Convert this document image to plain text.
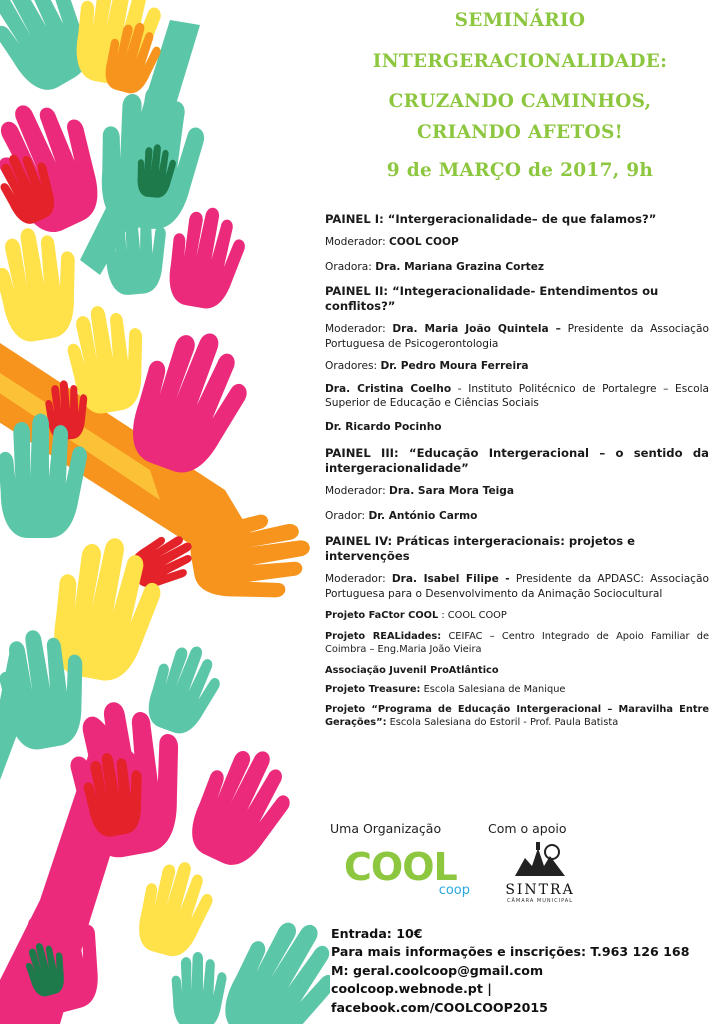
SEMINÁRIO
INTERGERACIONALIDADE:
CRUZANDO CAMINHOS,
CRIANDO AFETOS!
9 de MARÇO de 2017, 9h

PAINEL I: “Intergeracionalidade– de que falamos?”

Moderador: COOL COOP

Oradora: Dra. Mariana Grazina Cortez

PAINEL II: “Integeracionalidade- Entendimentos ou conflitos?”

Moderador: Dra. Maria João Quintela – Presidente da Associação Portuguesa de Psicogerontologia

Oradores: Dr. Pedro Moura Ferreira

Dra. Cristina Coelho - Instituto Politécnico de Portalegre – Escola Superior de Educação e Ciências Sociais

Dr. Ricardo Pocinho

PAINEL III: “Educação Intergeracional – o sentido da intergeracionalidade”

Moderador: Dra. Sara Mora Teiga

Orador: Dr. António Carmo

PAINEL IV: Práticas intergeracionais: projetos e intervenções

Moderador: Dra. Isabel Filipe - Presidente da APDASC: Associação Portuguesa para o Desenvolvimento da Animação Sociocultural

Projeto FaCtor COOL : COOL COOP

Projeto REALidades: CEIFAC – Centro Integrado de Apoio Familiar de Coimbra – Eng.Maria João Vieira

Associação Juvenil ProAtlântico

Projeto Treasure: Escola Salesiana de Manique

Projeto “Programa de Educação Intergeracional – Maravilha Entre Gerações”: Escola Salesiana do Estoril - Prof. Paula Batista

Uma Organização	Com o apoio
COOL
coop	SINTRA
CÂMARA MUNICIPAL
Entrada: 10€
Para mais informações e inscrições: T.963 126 168
M: geral.coolcoop@gmail.com
coolcoop.webnode.pt |
facebook.com/COOLCOOP2015
